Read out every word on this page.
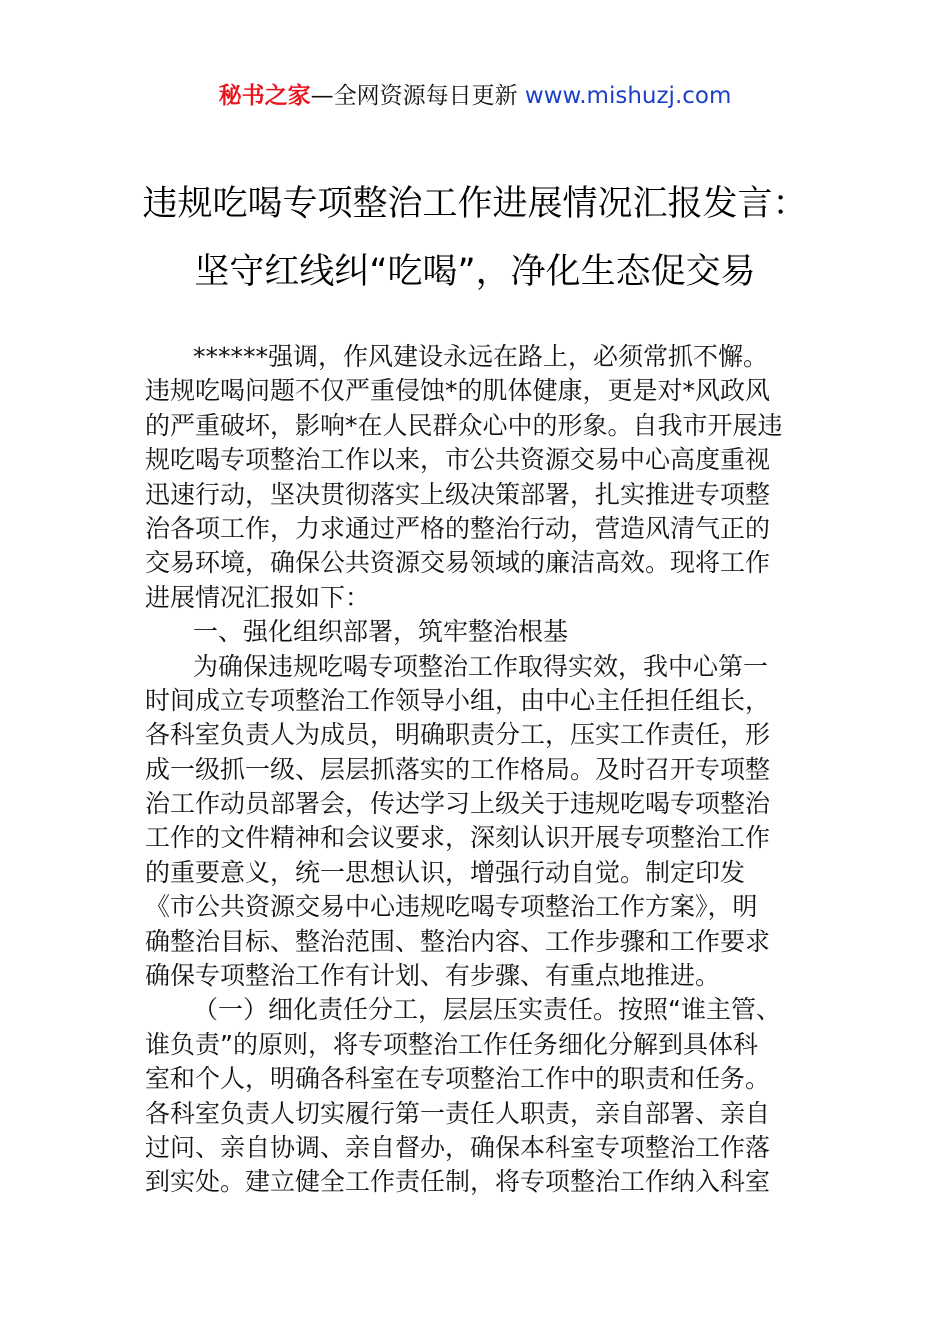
秘书之家—全网资源每日更新 www.mishuzj.com
违规吃喝专项整治工作进展情况汇报发言：
坚守红线纠“吃喝”，净化生态促交易
******强调，作风建设永远在路上，必须常抓不懈。
违规吃喝问题不仅严重侵蚀*的肌体健康，更是对*风政风
的严重破坏，影响*在人民群众心中的形象。自我市开展违
规吃喝专项整治工作以来，市公共资源交易中心高度重视
迅速行动，坚决贯彻落实上级决策部署，扎实推进专项整
治各项工作，力求通过严格的整治行动，营造风清气正的
交易环境，确保公共资源交易领域的廉洁高效。现将工作
进展情况汇报如下：
一、强化组织部署，筑牢整治根基
为确保违规吃喝专项整治工作取得实效，我中心第一
时间成立专项整治工作领导小组，由中心主任担任组长，
各科室负责人为成员，明确职责分工，压实工作责任，形
成一级抓一级、层层抓落实的工作格局。及时召开专项整
治工作动员部署会，传达学习上级关于违规吃喝专项整治
工作的文件精神和会议要求，深刻认识开展专项整治工作
的重要意义，统一思想认识，增强行动自觉。制定印发
《市公共资源交易中心违规吃喝专项整治工作方案》，明
确整治目标、整治范围、整治内容、工作步骤和工作要求
确保专项整治工作有计划、有步骤、有重点地推进。
（一）细化责任分工，层层压实责任。按照“谁主管、
谁负责”的原则，将专项整治工作任务细化分解到具体科
室和个人，明确各科室在专项整治工作中的职责和任务。
各科室负责人切实履行第一责任人职责，亲自部署、亲自
过问、亲自协调、亲自督办，确保本科室专项整治工作落
到实处。建立健全工作责任制，将专项整治工作纳入科室
